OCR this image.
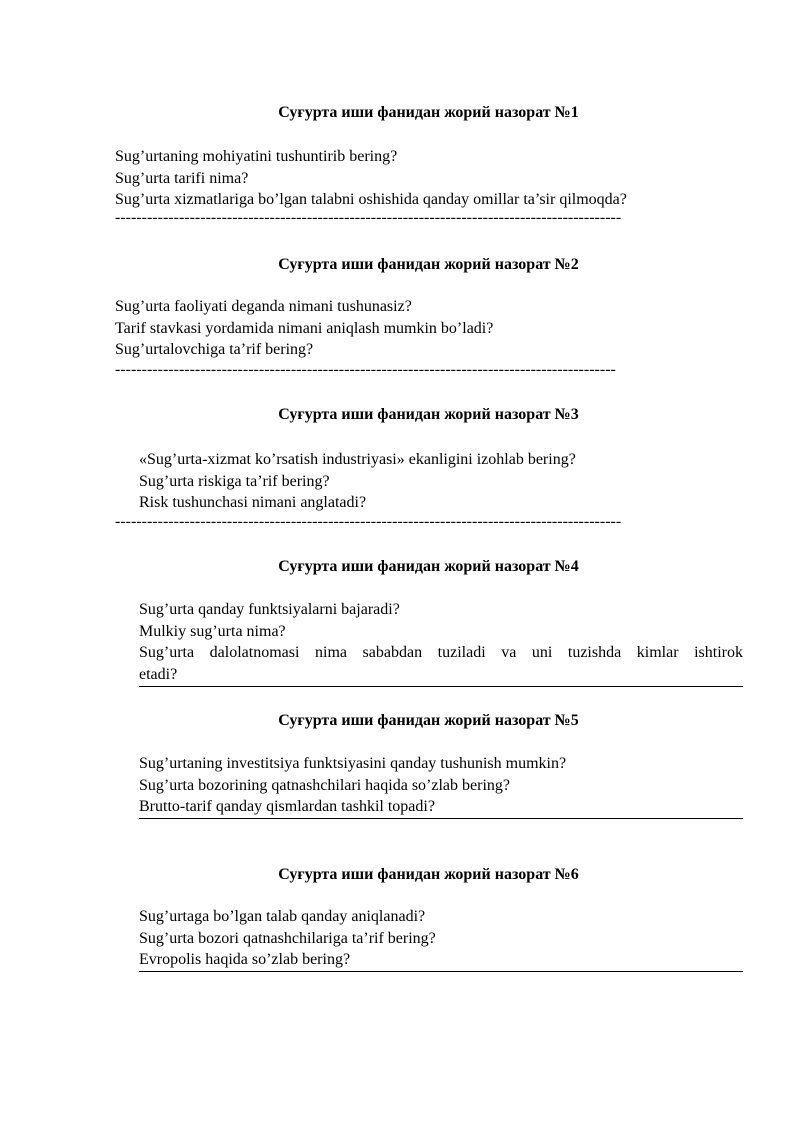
Суғурта иши фанидан жорий назорат №1
Sug’urtaning mohiyatini tushuntirib bering?
Sug’urta tarifi nima?
Sug’urta xizmatlariga bo’lgan talabni oshishida qanday omillar ta’sir qilmoqda?
-----------------------------------------------------------------------------------------------
Суғурта иши фанидан жорий назорат №2
Sug’urta faoliyati deganda nimani tushunasiz?
Tarif stavkasi yordamida nimani aniqlash mumkin bo’ladi?
Sug’urtalovchiga ta’rif bering?
----------------------------------------------------------------------------------------------
Суғурта иши фанидан жорий назорат №3
«Sug’urta-xizmat ko’rsatish industriyasi» ekanligini izohlab bering?
Sug’urta riskiga ta’rif bering?
Risk tushunchasi nimani anglatadi?
-----------------------------------------------------------------------------------------------
Суғурта иши фанидан жорий назорат №4
Sug’urta qanday funktsiyalarni bajaradi?
Mulkiy sug’urta nima?
Sug’urta dalolatnomasi nima sababdan tuziladi va uni tuzishda kimlar ishtirok
etadi?
Суғурта иши фанидан жорий назорат №5
Sug’urtaning investitsiya funktsiyasini qanday tushunish mumkin?
Sug’urta bozorining qatnashchilari haqida so’zlab bering?
Brutto-tarif qanday qismlardan tashkil topadi?
Суғурта иши фанидан жорий назорат №6
Sug’urtaga bo’lgan talab qanday aniqlanadi?
Sug’urta bozori qatnashchilariga ta’rif bering?
Evropolis haqida so’zlab bering?
